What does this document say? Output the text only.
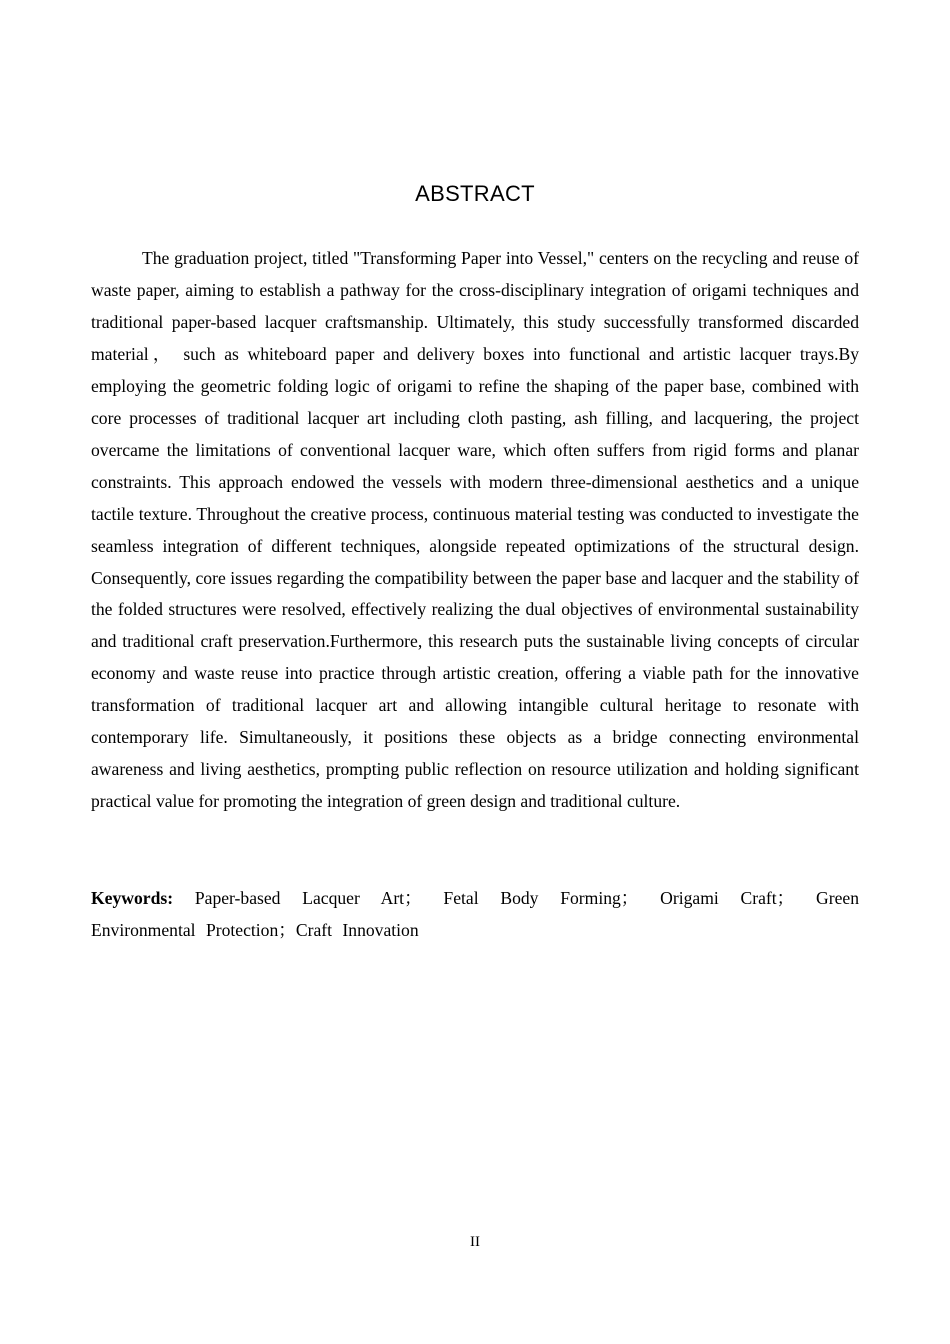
ABSTRACT

The graduation project, titled "Transforming Paper into Vessel," centers on the recycling and reuse of waste paper, aiming to establish a pathway for the cross-disciplinary integration of origami techniques and traditional paper-based lacquer craftsmanship. Ultimately, this study successfully transformed discarded material， such as whiteboard paper and delivery boxes into functional and artistic lacquer trays.By employing the geometric folding logic of origami to refine the shaping of the paper base, combined with core processes of traditional lacquer art including cloth pasting, ash filling, and lacquering, the project overcame the limitations of conventional lacquer ware, which often suffers from rigid forms and planar constraints. This approach endowed the vessels with modern three-dimensional aesthetics and a unique tactile texture. Throughout the creative process, continuous material testing was conducted to investigate the seamless integration of different techniques, alongside repeated optimizations of the structural design. Consequently, core issues regarding the compatibility between the paper base and lacquer and the stability of the folded structures were resolved, effectively realizing the dual objectives of environmental sustainability and traditional craft preservation.Furthermore, this research puts the sustainable living concepts of circular economy and waste reuse into practice through artistic creation, offering a viable path for the innovative transformation of traditional lacquer art and allowing intangible cultural heritage to resonate with contemporary life. Simultaneously, it positions these objects as a bridge connecting environmental awareness and living aesthetics, prompting public reflection on resource utilization and holding significant practical value for promoting the integration of green design and traditional culture.

Keywords: Paper-based Lacquer Art； Fetal Body Forming； Origami Craft； Green Environmental Protection；Craft Innovation

II
